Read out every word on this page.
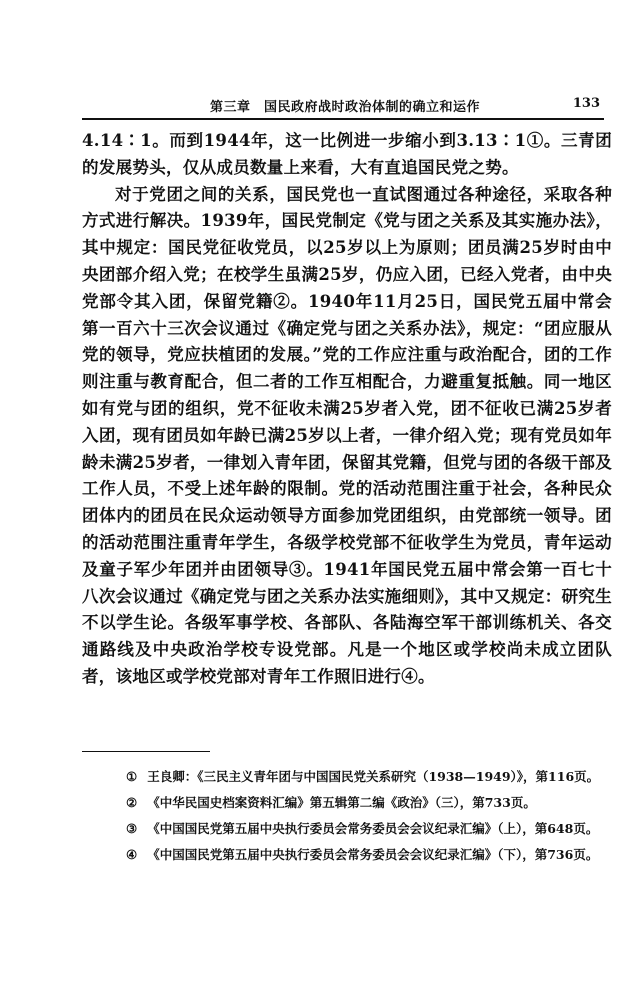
第三章　国民政府战时政治体制的确立和运作	133

4.14∶1。而到1944年，这一比例进一步缩小到3.13∶1①。三青团的发展势头，仅从成员数量上来看，大有直追国民党之势。

对于党团之间的关系，国民党也一直试图通过各种途径，采取各种方式进行解决。1939年，国民党制定《党与团之关系及其实施办法》，其中规定：国民党征收党员，以25岁以上为原则；团员满25岁时由中央团部介绍入党；在校学生虽满25岁，仍应入团，已经入党者，由中央党部令其入团，保留党籍②。1940年11月25日，国民党五届中常会第一百六十三次会议通过《确定党与团之关系办法》，规定：“团应服从党的领导，党应扶植团的发展。”党的工作应注重与政治配合，团的工作则注重与教育配合，但二者的工作互相配合，力避重复抵触。同一地区如有党与团的组织，党不征收未满25岁者入党，团不征收已满25岁者入团，现有团员如年龄已满25岁以上者，一律介绍入党；现有党员如年龄未满25岁者，一律划入青年团，保留其党籍，但党与团的各级干部及工作人员，不受上述年龄的限制。党的活动范围注重于社会，各种民众团体内的团员在民众运动领导方面参加党团组织，由党部统一领导。团的活动范围注重青年学生，各级学校党部不征收学生为党员，青年运动及童子军少年团并由团领导③。1941年国民党五届中常会第一百七十八次会议通过《确定党与团之关系办法实施细则》，其中又规定：研究生不以学生论。各级军事学校、各部队、各陆海空军干部训练机关、各交通路线及中央政治学校专设党部。凡是一个地区或学校尚未成立团队者，该地区或学校党部对青年工作照旧进行④。

① 王良卿：《三民主义青年团与中国国民党关系研究（1938—1949）》，第116页。

② 《中华民国史档案资料汇编》第五辑第二编《政治》（三），第733页。

③ 《中国国民党第五届中央执行委员会常务委员会会议纪录汇编》（上），第648页。

④ 《中国国民党第五届中央执行委员会常务委员会会议纪录汇编》（下），第736页。
